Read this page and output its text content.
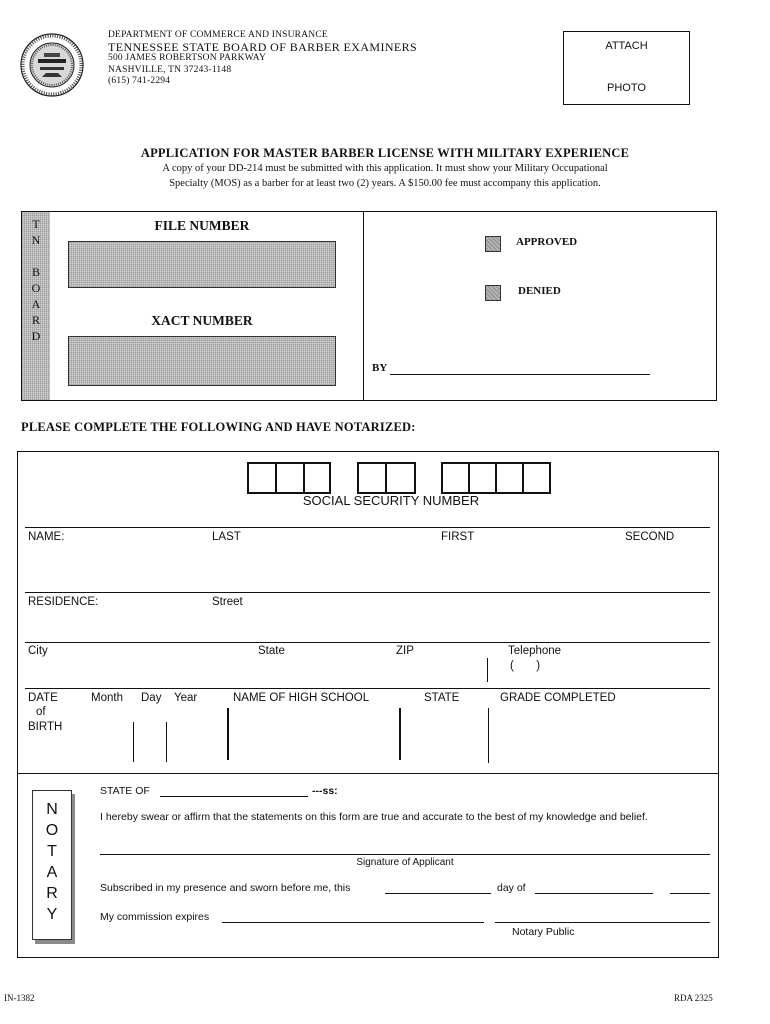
DEPARTMENT OF COMMERCE AND INSURANCE
TENNESSEE STATE BOARD OF BARBER EXAMINERS
500 JAMES ROBERTSON PARKWAY
NASHVILLE, TN 37243-1148
(615) 741-2294
ATTACH
PHOTO
APPLICATION FOR MASTER BARBER LICENSE WITH MILITARY EXPERIENCE
A copy of your DD-214 must be submitted with this application. It must show your Military Occupational
Specialty (MOS) as a barber for at least two (2) years. A $150.00 fee must accompany this application.
T
N

B
O
A
R
D
FILE NUMBER
XACT NUMBER
APPROVED
DENIED
BY
PLEASE COMPLETE THE FOLLOWING AND HAVE NOTARIZED:
SOCIAL SECURITY NUMBER
NAME:	LAST	FIRST	SECOND
RESIDENCE:	Street
City	State	ZIP	Telephone
(       )
DATE
of
BIRTH
Month Day Year	NAME OF HIGH SCHOOL	STATE	GRADE COMPLETED
N
O
T
A
R
Y
STATE OF	---ss:
I hereby swear or affirm that the statements on this form are true and accurate to the best of my knowledge and belief.
Signature of Applicant
Subscribed in my presence and sworn before me, this	day of
My commission expires
Notary Public
IN-1382	RDA 2325
